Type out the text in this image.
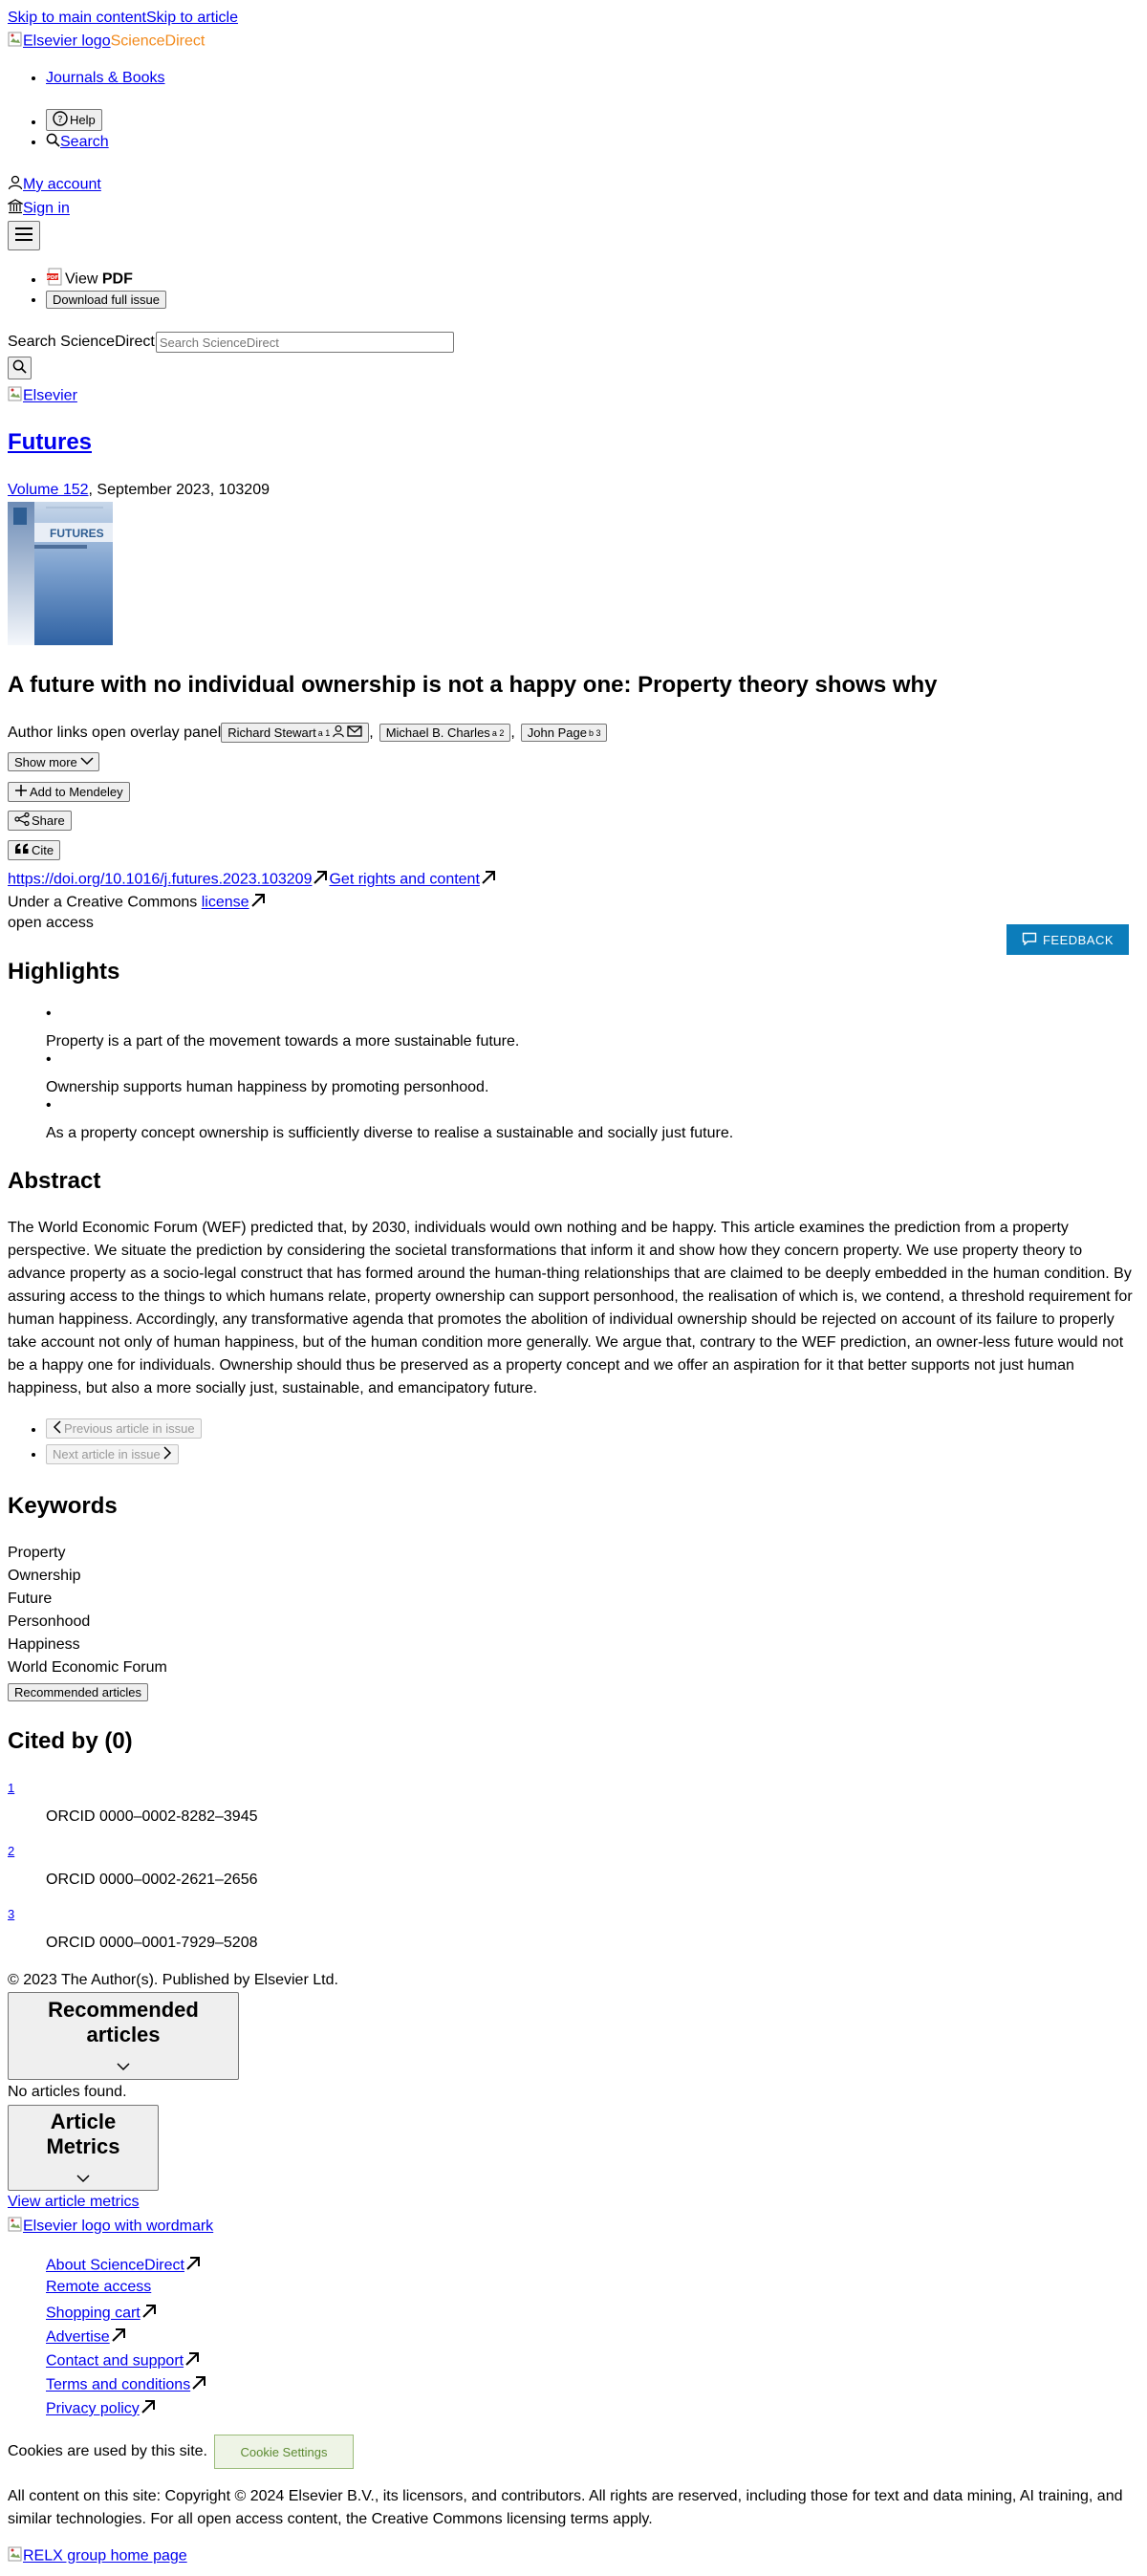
Skip to main contentSkip to article
Elsevier logoScienceDirect
• Journals & Books
• ? Help
• Search
My account
Sign in
• PDF View PDF
• Download full issue
Search ScienceDirect
Search ScienceDirect
Elsevier
Futures
Volume 152, September 2023, 103209
FUTURES
A future with no individual ownership is not a happy one: Property theory shows why
Author links open overlay panel Richard Stewart a 1	, Michael B. Charles a 2 , John Page b 3
Show more
Add to Mendeley
Share
Cite
https://doi.org/10.1016/j.futures.2023.103209 Get rights and content
Under a Creative Commons license
open access
FEEDBACK
Highlights
•
Property is a part of the movement towards a more sustainable future.
•
Ownership supports human happiness by promoting personhood.
•
As a property concept ownership is sufficiently diverse to realise a sustainable and socially just future.
Abstract

The World Economic Forum (WEF) predicted that, by 2030, individuals would own nothing and be happy. This article examines the prediction from a property perspective. We situate the prediction by considering the societal transformations that inform it and show how they concern property. We use property theory to advance property as a socio-legal construct that has formed around the human-thing relationships that are claimed to be deeply embedded in the human condition. By assuring access to the things to which humans relate, property ownership can support personhood, the realisation of which is, we contend, a threshold requirement for human happiness. Accordingly, any transformative agenda that promotes the abolition of individual ownership should be rejected on account of its failure to properly take account not only of human happiness, but of the human condition more generally. We argue that, contrary to the WEF prediction, an owner-less future would not be a happy one for individuals. Ownership should thus be preserved as a property concept and we offer an aspiration for it that better supports not just human happiness, but also a more socially just, sustainable, and emancipatory future.

• Previous article in issue
• Next article in issue
Keywords
Property
Ownership
Future
Personhood
Happiness
World Economic Forum
Recommended articles
Cited by (0)
1
ORCID 0000–0002-8282–3945
2
ORCID 0000–0002-2621–2656
3
ORCID 0000–0001-7929–5208
© 2023 The Author(s). Published by Elsevier Ltd.
Recommended articles
No articles found.
Article Metrics
View article metrics
Elsevier logo with wordmark
About ScienceDirect
Remote access
Shopping cart
Advertise
Contact and support
Terms and conditions
Privacy policy
Cookies are used by this site.	Cookie Settings

All content on this site: Copyright © 2024 Elsevier B.V., its licensors, and contributors. All rights are reserved, including those for text and data mining, AI training, and similar technologies. For all open access content, the Creative Commons licensing terms apply.

RELX group home page
